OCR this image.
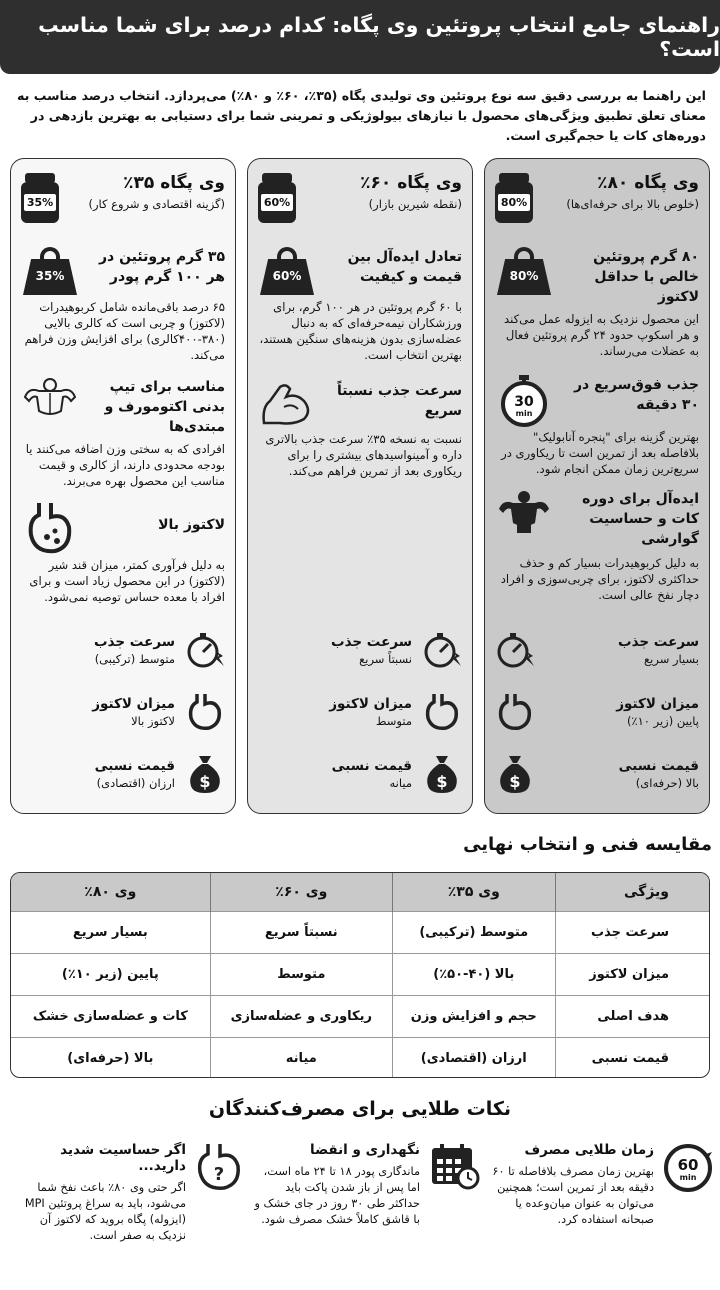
راهنمای جامع انتخاب پروتئین وی پگاه: کدام درصد برای شما مناسب است؟

این راهنما به بررسی دقیق سه نوع پروتئین وی تولیدی پگاه (۳۵٪، ۶۰٪ و ۸۰٪) می‌پردازد. انتخاب درصد مناسب به معنای تعلق تطبیق ویژگی‌های محصول با نیازهای بیولوژیکی و تمرینی شما برای دستیابی به بهترین بازدهی در دوره‌های کات یا حجم‌گیری است.

وی پگاه ۸۰٪
(خلوص بالا برای حرفه‌ای‌ها)
80%
۸۰ گرم پروتئین خالص با حداقل لاکتوز
80%
این محصول نزدیک به ایزوله عمل می‌کند و هر اسکوپ حدود ۲۴ گرم پروتئین فعال به عضلات می‌رساند.
جذب فوق‌سریع در ۳۰ دقیقه
30
min
بهترین گزینه برای "پنجره آنابولیک" بلافاصله بعد از تمرین است تا ریکاوری در سریع‌ترین زمان ممکن انجام شود.
ایده‌آل برای دوره کات و حساسیت گوارشی
به دلیل کربوهیدرات بسیار کم و حذف حداکثری لاکتوز، برای چربی‌سوزی و افراد دچار نفخ عالی است.
سرعت جذب
بسیار سریع
میزان لاکتوز
پایین (زیر ۱۰٪)
قیمت نسبی
بالا (حرفه‌ای)
$
وی پگاه ۶۰٪
(نقطه شیرین بازار)
60%
تعادل ایده‌آل بین قیمت و کیفیت
60%
با ۶۰ گرم پروتئین در هر ۱۰۰ گرم، برای ورزشکاران نیمه‌حرفه‌ای که به دنبال عضله‌سازی بدون هزینه‌های سنگین هستند، بهترین انتخاب است.
سرعت جذب نسبتاً سریع
نسبت به نسخه ۳۵٪ سرعت جذب بالاتری داره و آمینواسیدهای بیشتری را برای ریکاوری بعد از تمرین فراهم می‌کند.
سرعت جذب
نسبتاً سریع
میزان لاکتوز
متوسط
$
قیمت نسبی
میانه
وی پگاه ۳۵٪
(گزینه اقتصادی و شروع کار)
35%
۳۵ گرم پروتئین در هر ۱۰۰ گرم پودر
35%
۶۵ درصد باقی‌مانده شامل کربوهیدرات (لاکتوز) و چربی است که کالری بالایی (۳۸۰-۴۰۰کالری) برای افزایش وزن فراهم می‌کند.
مناسب برای تیپ بدنی اکتومورف و مبتدی‌ها
افرادی که به سختی وزن اضافه می‌کنند یا بودجه محدودی دارند، از کالری و قیمت مناسب این محصول بهره می‌برند.
لاکتوز بالا
به دلیل فرآوری کمتر، میزان قند شیر (لاکتوز) در این محصول زیاد است و برای افراد با معده حساس توصیه نمی‌شود.
سرعت جذب
متوسط (ترکیبی)
میزان لاکتوز
لاکتوز بالا
$
قیمت نسبی
ارزان (اقتصادی)
مقایسه فنی و انتخاب نهایی
ویژگی	وی ۳۵٪	وی ۶۰٪	وی ۸۰٪
سرعت جذب	متوسط (ترکیبی)	نسبتاً سریع	بسیار سریع
میزان لاکتوز	بالا (۴۰-۵۰٪)	متوسط	پایین (زیر ۱۰٪)
هدف اصلی	حجم و افزایش وزن	ریکاوری و عضله‌سازی	کات و عضله‌سازی خشک
قیمت نسبی	ارزان (اقتصادی)	میانه	بالا (حرفه‌ای)
نکات طلایی برای مصرف‌کنندگان
60
min
زمان طلایی مصرف
بهترین زمان مصرف بلافاصله تا ۶۰ دقیقه بعد از تمرین است؛ همچنین می‌توان به عنوان میان‌وعده یا صبحانه استفاده کرد.
نگهداری و انقضا
ماندگاری پودر ۱۸ تا ۲۴ ماه است، اما پس از باز شدن پاکت باید حداکثر طی ۳۰ روز در جای خشک و با قاشق کاملاً خشک مصرف شود.
?
اگر حساسیت شدید دارید...
اگر حتی وی ۸۰٪ باعث نفخ شما می‌شود، باید به سراغ پروتئین MPI (ایزوله) پگاه بروید که لاکتوز آن نزدیک به صفر است.
